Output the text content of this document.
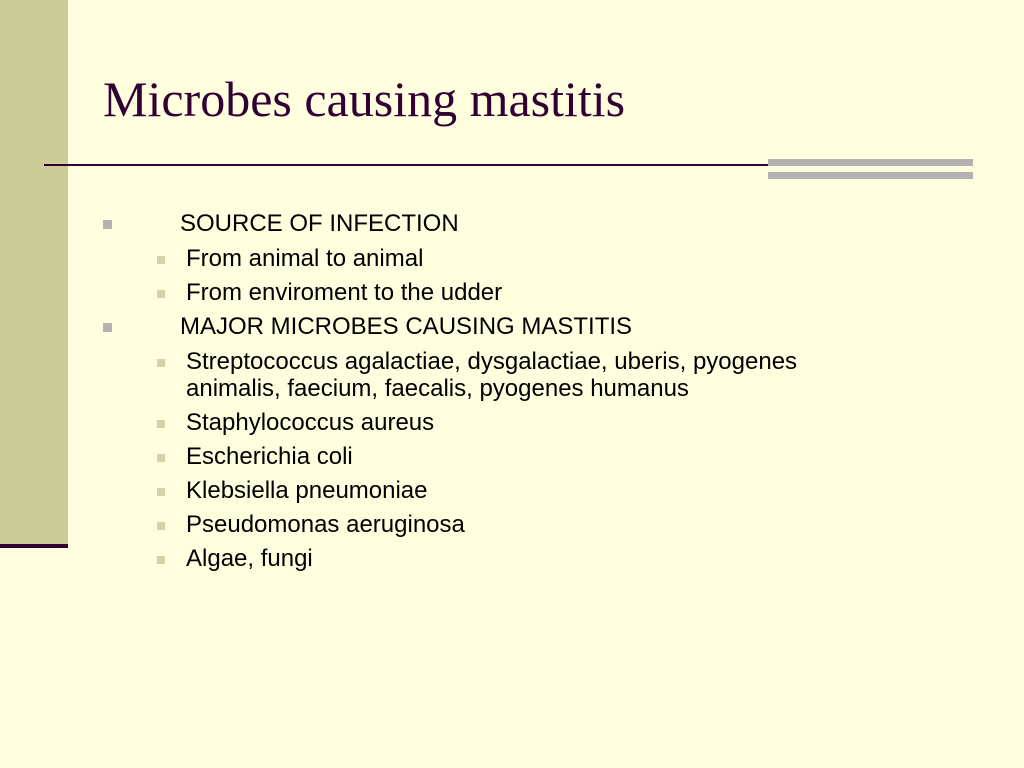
Microbes causing mastitis
SOURCE OF INFECTION
From animal to animal
From enviroment to the udder
MAJOR MICROBES CAUSING MASTITIS
Streptococcus agalactiae, dysgalactiae, uberis, pyogenes
animalis, faecium, faecalis, pyogenes humanus
Staphylococcus aureus
Escherichia coli
Klebsiella pneumoniae
Pseudomonas aeruginosa
Algae, fungi
